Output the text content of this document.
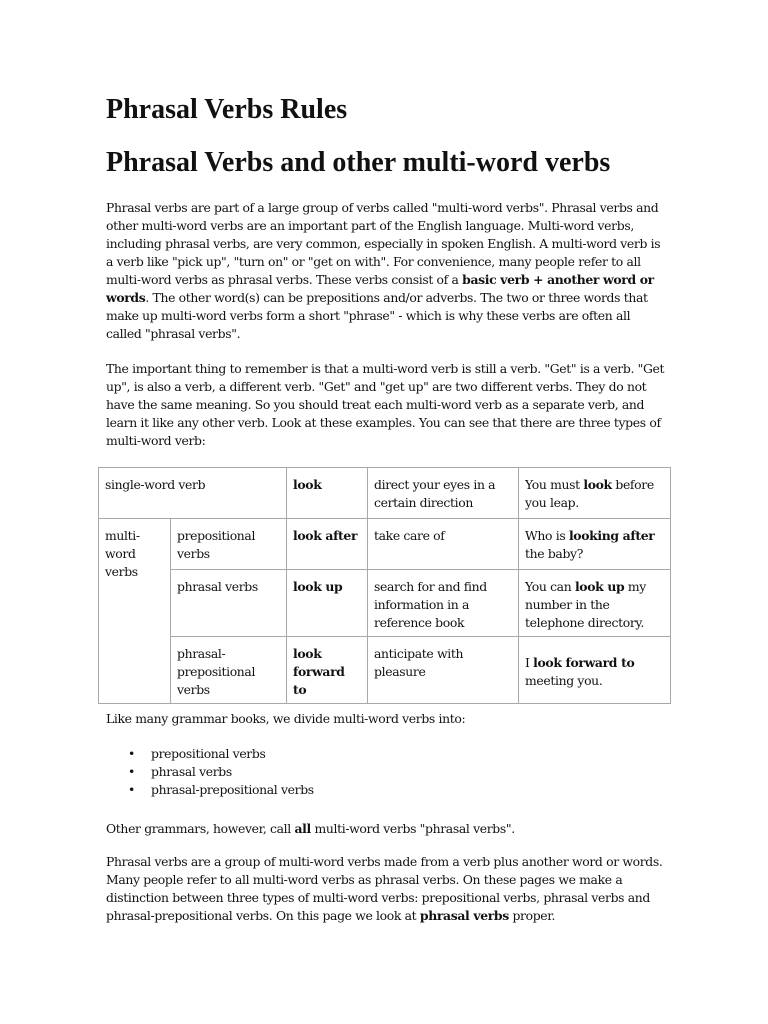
Phrasal Verbs Rules
Phrasal Verbs and other multi-word verbs

Phrasal verbs are part of a large group of verbs called "multi-word verbs". Phrasal verbs and other multi-word verbs are an important part of the English language. Multi-word verbs, including phrasal verbs, are very common, especially in spoken English. A multi-word verb is a verb like "pick up", "turn on" or "get on with". For convenience, many people refer to all multi-word verbs as phrasal verbs. These verbs consist of a basic verb + another word or words. The other word(s) can be prepositions and/or adverbs. The two or three words that make up multi-word verbs form a short "phrase" - which is why these verbs are often all called "phrasal verbs".

The important thing to remember is that a multi-word verb is still a verb. "Get" is a verb. "Get up", is also a verb, a different verb. "Get" and "get up" are two different verbs. They do not have the same meaning. So you should treat each multi-word verb as a separate verb, and learn it like any other verb. Look at these examples. You can see that there are three types of multi-word verb:

single-word verb		look	direct your eyes in a certain direction	You must look before you leap.
multi-word verbs	prepositional verbs	look after	take care of	Who is looking after the baby?
	phrasal verbs	look up	search for and find information in a reference book	You can look up my number in the telephone directory.
	phrasal-prepositional verbs	look forward to	anticipate with pleasure	I look forward to meeting you.

Like many grammar books, we divide multi-word verbs into:

• prepositional verbs
• phrasal verbs
• phrasal-prepositional verbs

Other grammars, however, call all multi-word verbs "phrasal verbs".

Phrasal verbs are a group of multi-word verbs made from a verb plus another word or words. Many people refer to all multi-word verbs as phrasal verbs. On these pages we make a distinction between three types of multi-word verbs: prepositional verbs, phrasal verbs and phrasal-prepositional verbs. On this page we look at phrasal verbs proper.
